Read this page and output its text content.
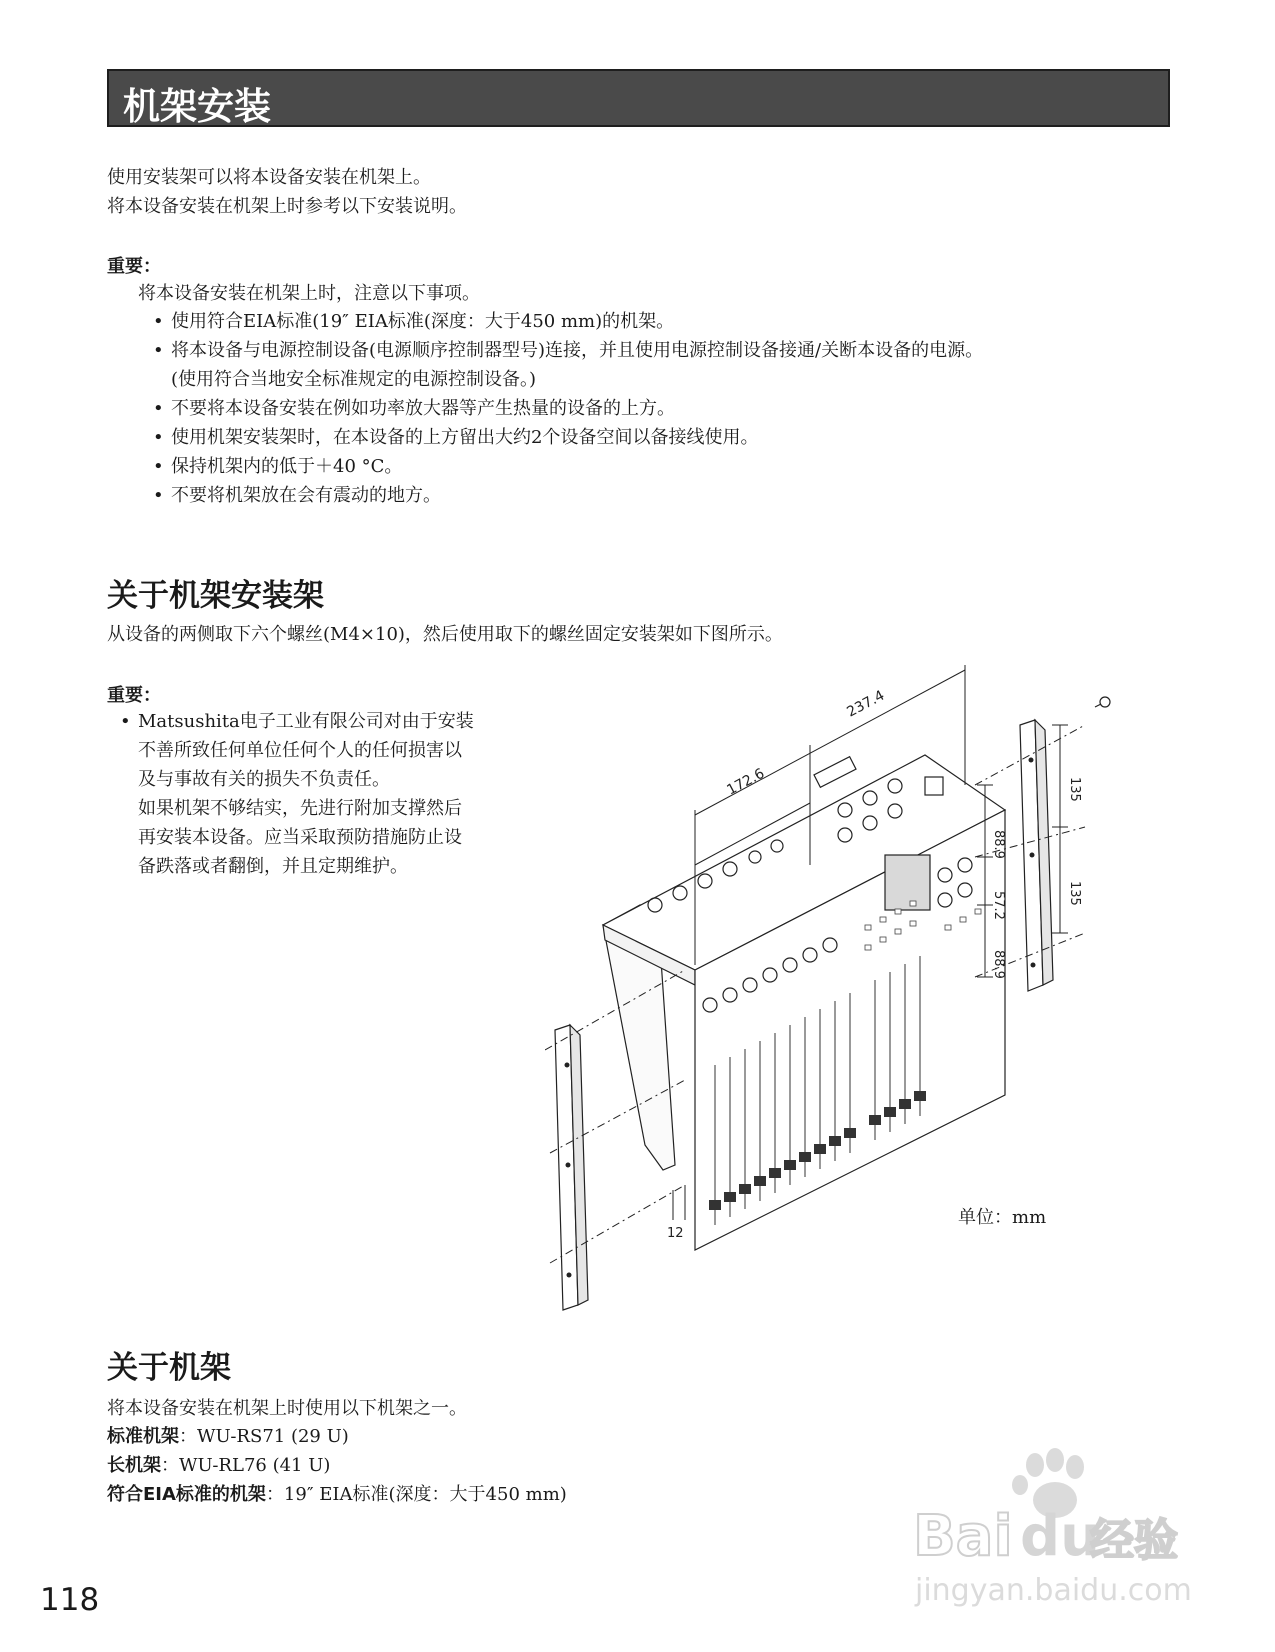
机架安装
使用安装架可以将本设备安装在机架上。
将本设备安装在机架上时参考以下安装说明。
重要：
将本设备安装在机架上时，注意以下事项。
• 使用符合EIA标准(19″ EIA标准(深度：大于450 mm)的机架。
• 将本设备与电源控制设备(电源顺序控制器型号)连接，并且使用电源控制设备接通/关断本设备的电源。
(使用符合当地安全标准规定的电源控制设备。)
• 不要将本设备安装在例如功率放大器等产生热量的设备的上方。
• 使用机架安装架时，在本设备的上方留出大约2个设备空间以备接线使用。
• 保持机架内的低于＋40 °C。
• 不要将机架放在会有震动的地方。
关于机架安装架
从设备的两侧取下六个螺丝(M4×10)，然后使用取下的螺丝固定安装架如下图所示。
重要：
• Matsushita电子工业有限公司对由于安装
不善所致任何单位任何个人的任何损害以
及与事故有关的损失不负责任。
如果机架不够结实，先进行附加支撑然后
再安装本设备。应当采取预防措施防止设
备跌落或者翻倒，并且定期维护。
237.4
172.6
88.9
57.2
88.9
135
135
12
单位：mm
关于机架
将本设备安装在机架上时使用以下机架之一。
标准机架：WU-RS71 (29 U)
长机架：WU-RL76 (41 U)
符合EIA标准的机架：19″ EIA标准(深度：大于450 mm)
Bai du
经验
jingyan.baidu.com
118
